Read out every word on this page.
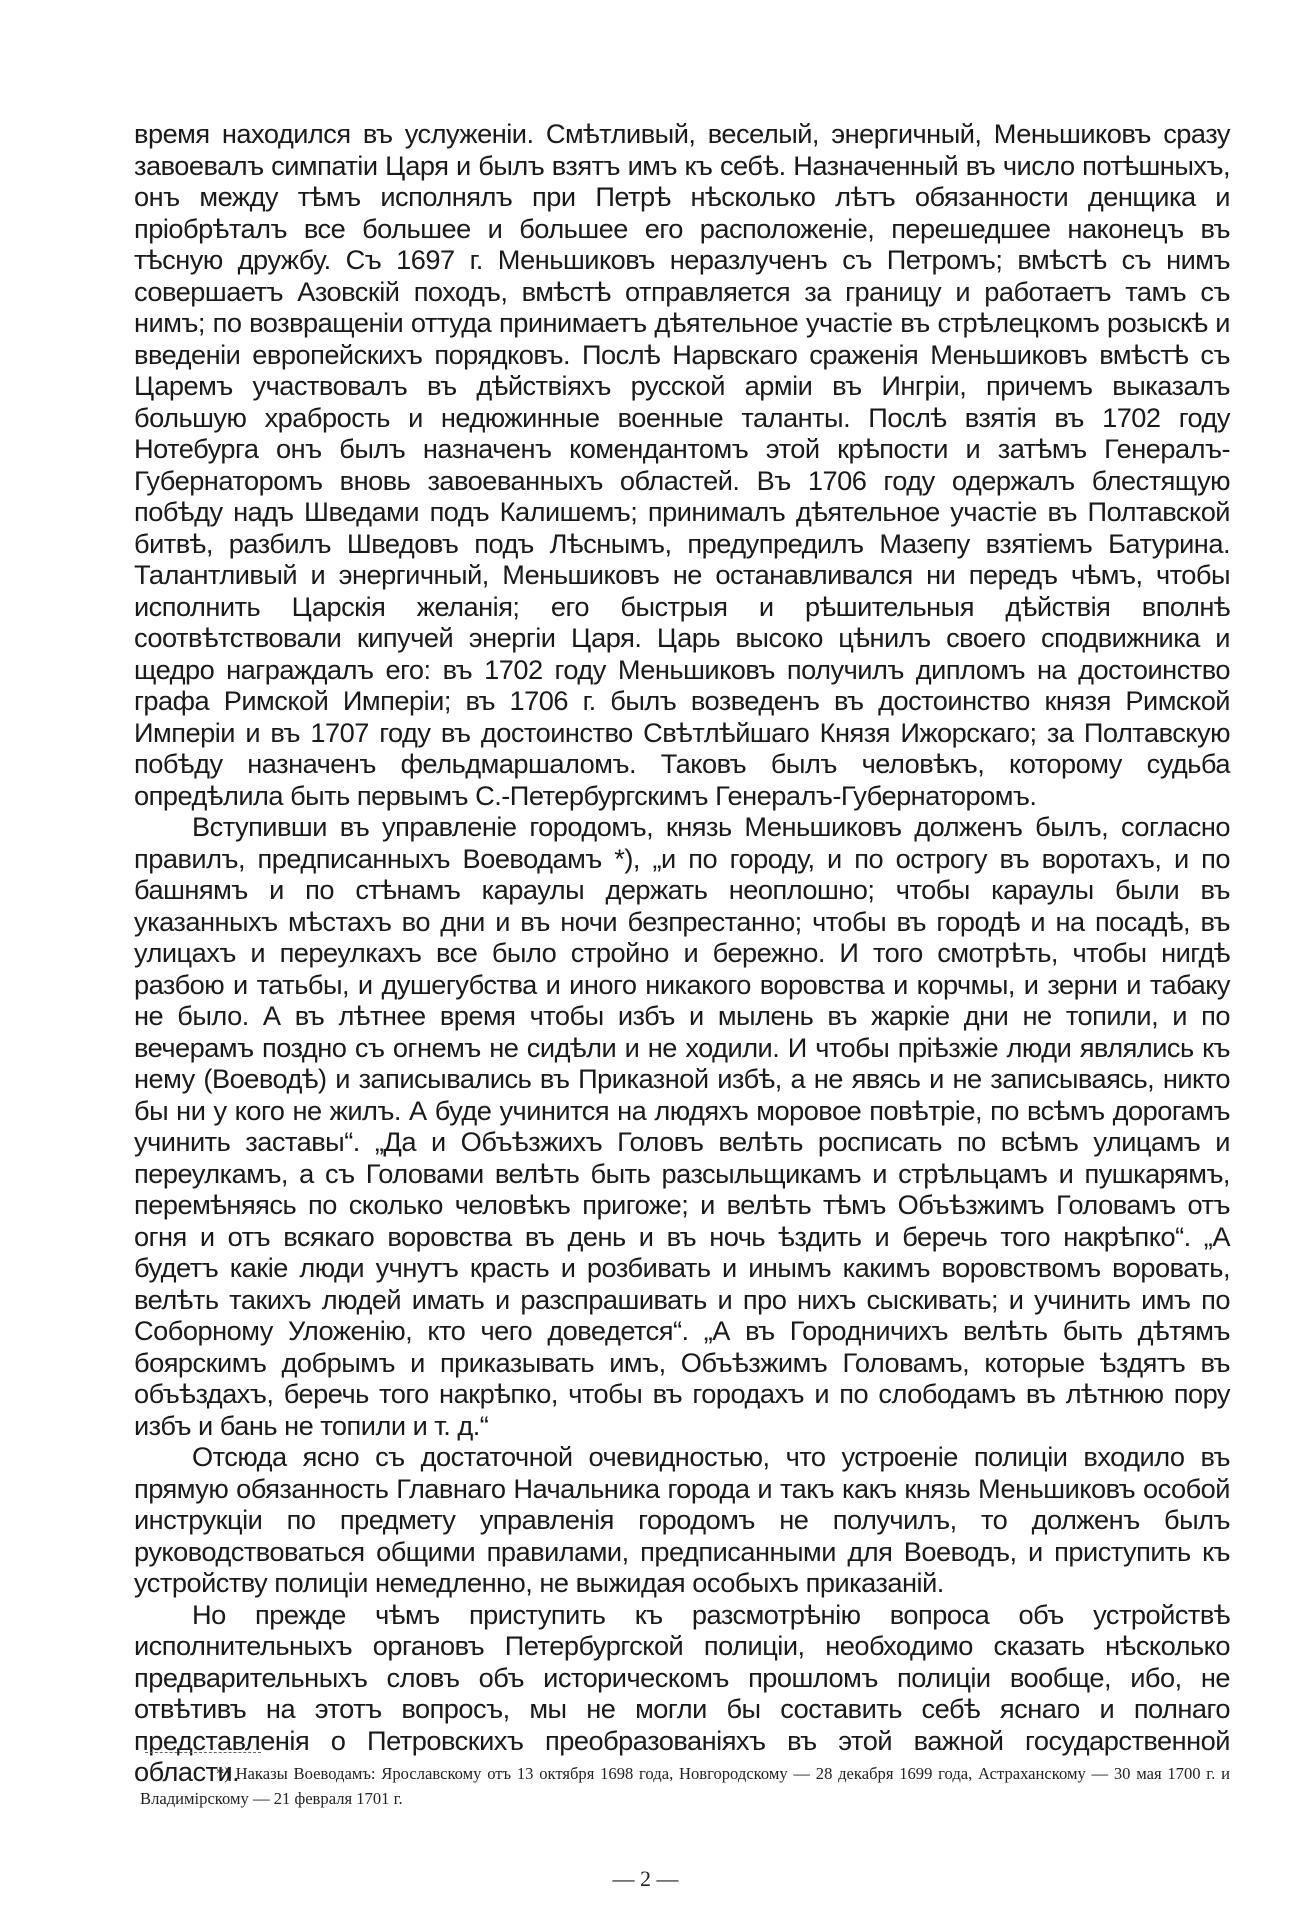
время находился въ услуженіи. Смѣтливый, веселый, энергичный, Меньшиковъ сразу завоевалъ симпатіи Царя и былъ взятъ имъ къ себѣ. Назначенный въ число потѣшныхъ, онъ между тѣмъ исполнялъ при Петрѣ нѣсколько лѣтъ обязанности денщика и пріобрѣталъ все большее и большее его расположеніе, перешедшее наконецъ въ тѣсную дружбу. Съ 1697 г. Меньшиковъ неразлученъ съ Петромъ; вмѣстѣ съ нимъ совершаетъ Азовскій походъ, вмѣстѣ отправляется за границу и работаетъ тамъ съ нимъ; по возвращеніи оттуда принимаетъ дѣятельное участіе въ стрѣлецкомъ розыскѣ и введеніи европейскихъ порядковъ. Послѣ Нарвскаго сраженія Меньшиковъ вмѣстѣ съ Царемъ участвовалъ въ дѣйствіяхъ русской арміи въ Ингріи, причемъ выказалъ большую храбрость и недюжинные военные таланты. Послѣ взятія въ 1702 году Нотебурга онъ былъ назначенъ комендантомъ этой крѣпости и затѣмъ Генералъ-Губернаторомъ вновь завоеванныхъ областей. Въ 1706 году одержалъ блестящую побѣду надъ Шведами подъ Калишемъ; принималъ дѣятельное участіе въ Полтавской битвѣ, разбилъ Шведовъ подъ Лѣснымъ, предупредилъ Мазепу взятіемъ Батурина. Талантливый и энергичный, Меньшиковъ не останавливался ни передъ чѣмъ, чтобы исполнить Царскія желанія; его быстрыя и рѣшительныя дѣйствія вполнѣ соотвѣтствовали кипучей энергіи Царя. Царь высоко цѣнилъ своего сподвижника и щедро награждалъ его: въ 1702 году Меньшиковъ получилъ дипломъ на достоинство графа Римской Имперіи; въ 1706 г. былъ возведенъ въ достоинство князя Римской Имперіи и въ 1707 году въ достоинство Свѣтлѣйшаго Князя Ижорскаго; за Полтавскую побѣду назначенъ фельдмаршаломъ. Таковъ былъ человѣкъ, которому судьба опредѣлила быть первымъ С.-Петербургскимъ Генералъ-Губернаторомъ.

Вступивши въ управленіе городомъ, князь Меньшиковъ долженъ былъ, согласно правилъ, предписанныхъ Воеводамъ *), „и по городу, и по острогу въ воротахъ, и по башнямъ и по стѣнамъ караулы держать неоплошно; чтобы караулы были въ указанныхъ мѣстахъ во дни и въ ночи безпрестанно; чтобы въ городѣ и на посадѣ, въ улицахъ и переулкахъ все было стройно и бережно. И того смотрѣть, чтобы нигдѣ разбою и татьбы, и душегубства и иного никакого воровства и корчмы, и зерни и табаку не было. А въ лѣтнее время чтобы избъ и мылень въ жаркіе дни не топили, и по вечерамъ поздно съ огнемъ не сидѣли и не ходили. И чтобы пріѣзжіе люди являлись къ нему (Воеводѣ) и записывались въ Приказной избѣ, а не явясь и не записываясь, никто бы ни у кого не жилъ. А буде учинится на людяхъ моровое повѣтріе, по всѣмъ дорогамъ учинить заставы“. „Да и Объѣзжихъ Головъ велѣть росписать по всѣмъ улицамъ и переулкамъ, а съ Головами велѣть быть разсыльщикамъ и стрѣльцамъ и пушкарямъ, перемѣняясь по сколько человѣкъ пригоже; и велѣть тѣмъ Объѣзжимъ Головамъ отъ огня и отъ всякаго воровства въ день и въ ночь ѣздить и беречь того накрѣпко“. „А будетъ какіе люди учнутъ красть и розбивать и инымъ какимъ воровствомъ воровать, велѣть такихъ людей имать и разспрашивать и про нихъ сыскивать; и учинить имъ по Соборному Уложенію, кто чего доведется“. „А въ Городничихъ велѣть быть дѣтямъ боярскимъ добрымъ и приказывать имъ, Объѣзжимъ Головамъ, которые ѣздятъ въ объѣздахъ, беречь того накрѣпко, чтобы въ городахъ и по слободамъ въ лѣтнюю пору избъ и бань не топили и т. д.“

Отсюда ясно съ достаточной очевидностью, что устроеніе полиціи входило въ прямую обязанность Главнаго Начальника города и такъ какъ князь Меньшиковъ особой инструкціи по предмету управленія городомъ не получилъ, то долженъ былъ руководствоваться общими правилами, предписанными для Воеводъ, и приступить къ устройству полиціи немедленно, не выжидая особыхъ приказаній.

Но прежде чѣмъ приступить къ разсмотрѣнію вопроса объ устройствѣ исполнительныхъ органовъ Петербургской полиціи, необходимо сказать нѣсколько предварительныхъ словъ объ историческомъ прошломъ полиціи вообще, ибо, не отвѣтивъ на этотъ вопросъ, мы не могли бы составить себѣ яснаго и полнаго представленія о Петровскихъ преобразованіяхъ въ этой важной государственной области.

*) Наказы Воеводамъ: Ярославскому отъ 13 октября 1698 года, Новгородскому — 28 декабря 1699 года, Астраханскому — 30 мая 1700 г. и Владимірскому — 21 февраля 1701 г.
— 2 —
